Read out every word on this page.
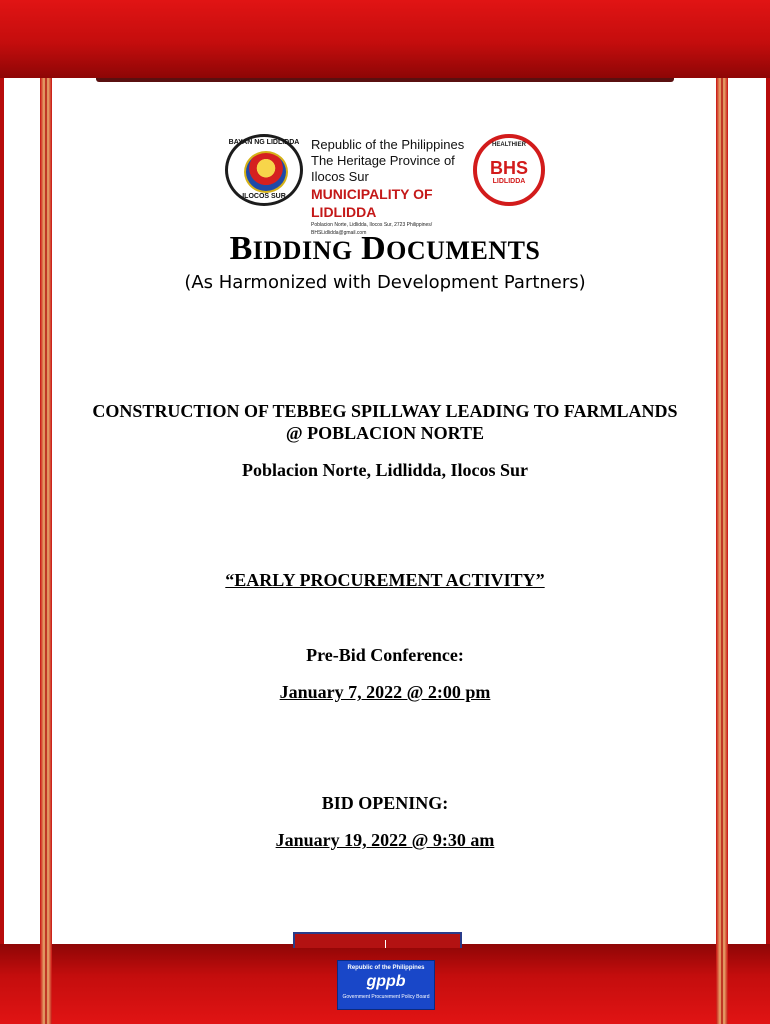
BAYAN NG LIDLIDDA
ILOCOS SUR
Republic of the Philippines
The Heritage Province of Ilocos Sur
MUNICIPALITY OF LIDLIDDA
Poblacion Norte, Lidlidda, Ilocos Sur, 2723 Philippines/ BHSLidlidda@gmail.com
HEALTHIER
BHS
LIDLIDDA
BIDDING DOCUMENTS
(As Harmonized with Development Partners)
CONSTRUCTION OF TEBBEG SPILLWAY LEADING TO FARMLANDS @ POBLACION NORTE
Poblacion Norte, Lidlidda, Ilocos Sur
“EARLY PROCUREMENT ACTIVITY”
Pre-Bid Conference:
January 7, 2022 @ 2:00 pm
BID OPENING:
January 19, 2022 @ 9:30 am
Republic of the Philippines
gppb
Government Procurement Policy Board
